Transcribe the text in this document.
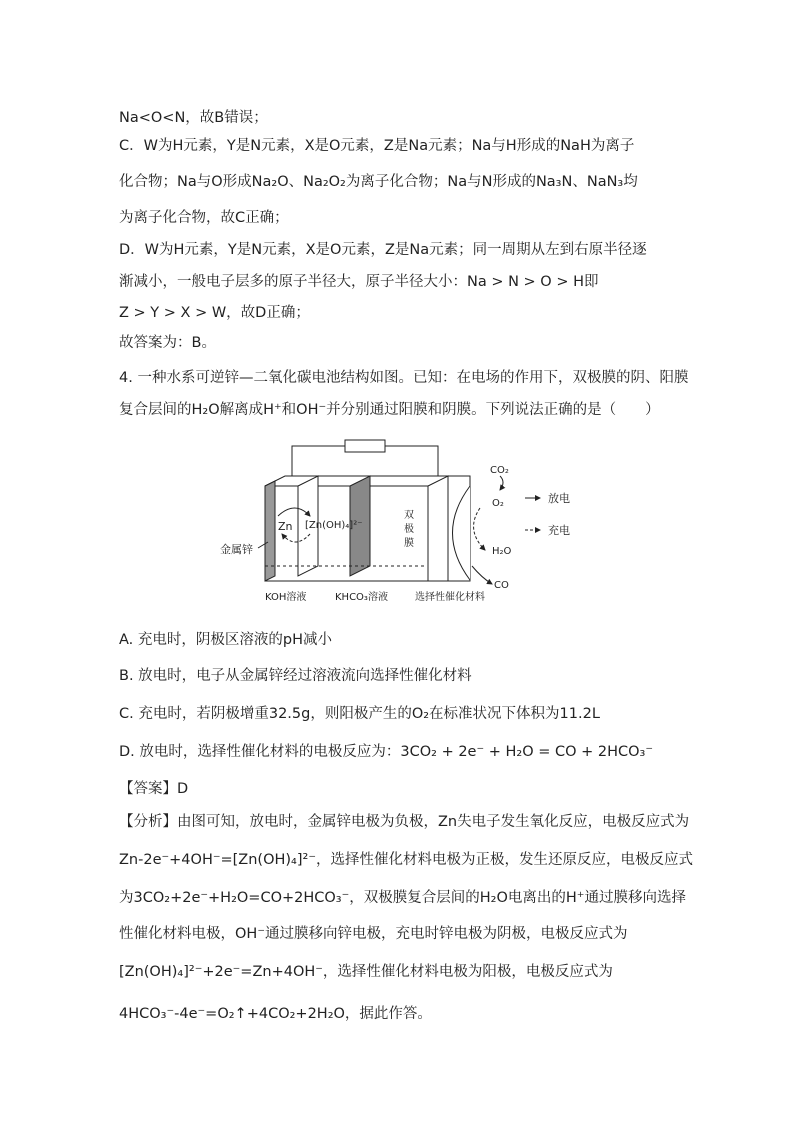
Na<O<N，故B错误；
C．W为H元素，Y是N元素，X是O元素，Z是Na元素；Na与H形成的NaH为离子
化合物；Na与O形成Na₂O、Na₂O₂为离子化合物；Na与N形成的Na₃N、NaN₃均
为离子化合物，故C正确；
D．W为H元素，Y是N元素，X是O元素，Z是Na元素；同一周期从左到右原半径逐
渐减小，一般电子层多的原子半径大，原子半径大小：Na > N > O > H即
Z > Y > X > W，故D正确；
故答案为：B。
4. 一种水系可逆锌—二氧化碳电池结构如图。已知：在电场的作用下，双极膜的阴、阳膜
复合层间的H₂O解离成H⁺和OH⁻并分别通过阳膜和阴膜。下列说法正确的是（　　）
Zn [Zn(OH)₄]²⁻
双
极
膜
CO₂
O₂	放电
充电
H₂O
CO
金属锌
KOH溶液	KHCO₃溶液	选择性催化材料
A. 充电时，阴极区溶液的pH减小
B. 放电时，电子从金属锌经过溶液流向选择性催化材料
C. 充电时，若阴极增重32.5g，则阳极产生的O₂在标准状况下体积为11.2L
D. 放电时，选择性催化材料的电极反应为：3CO₂ + 2e⁻ + H₂O = CO + 2HCO₃⁻
【答案】D
【分析】由图可知，放电时，金属锌电极为负极，Zn失电子发生氧化反应，电极反应式为
Zn-2e⁻+4OH⁻=[Zn(OH)₄]²⁻，选择性催化材料电极为正极，发生还原反应，电极反应式
为3CO₂+2e⁻+H₂O=CO+2HCO₃⁻，双极膜复合层间的H₂O电离出的H⁺通过膜移向选择
性催化材料电极，OH⁻通过膜移向锌电极，充电时锌电极为阴极，电极反应式为
[Zn(OH)₄]²⁻+2e⁻=Zn+4OH⁻，选择性催化材料电极为阳极，电极反应式为
4HCO₃⁻-4e⁻=O₂↑+4CO₂+2H₂O，据此作答。
